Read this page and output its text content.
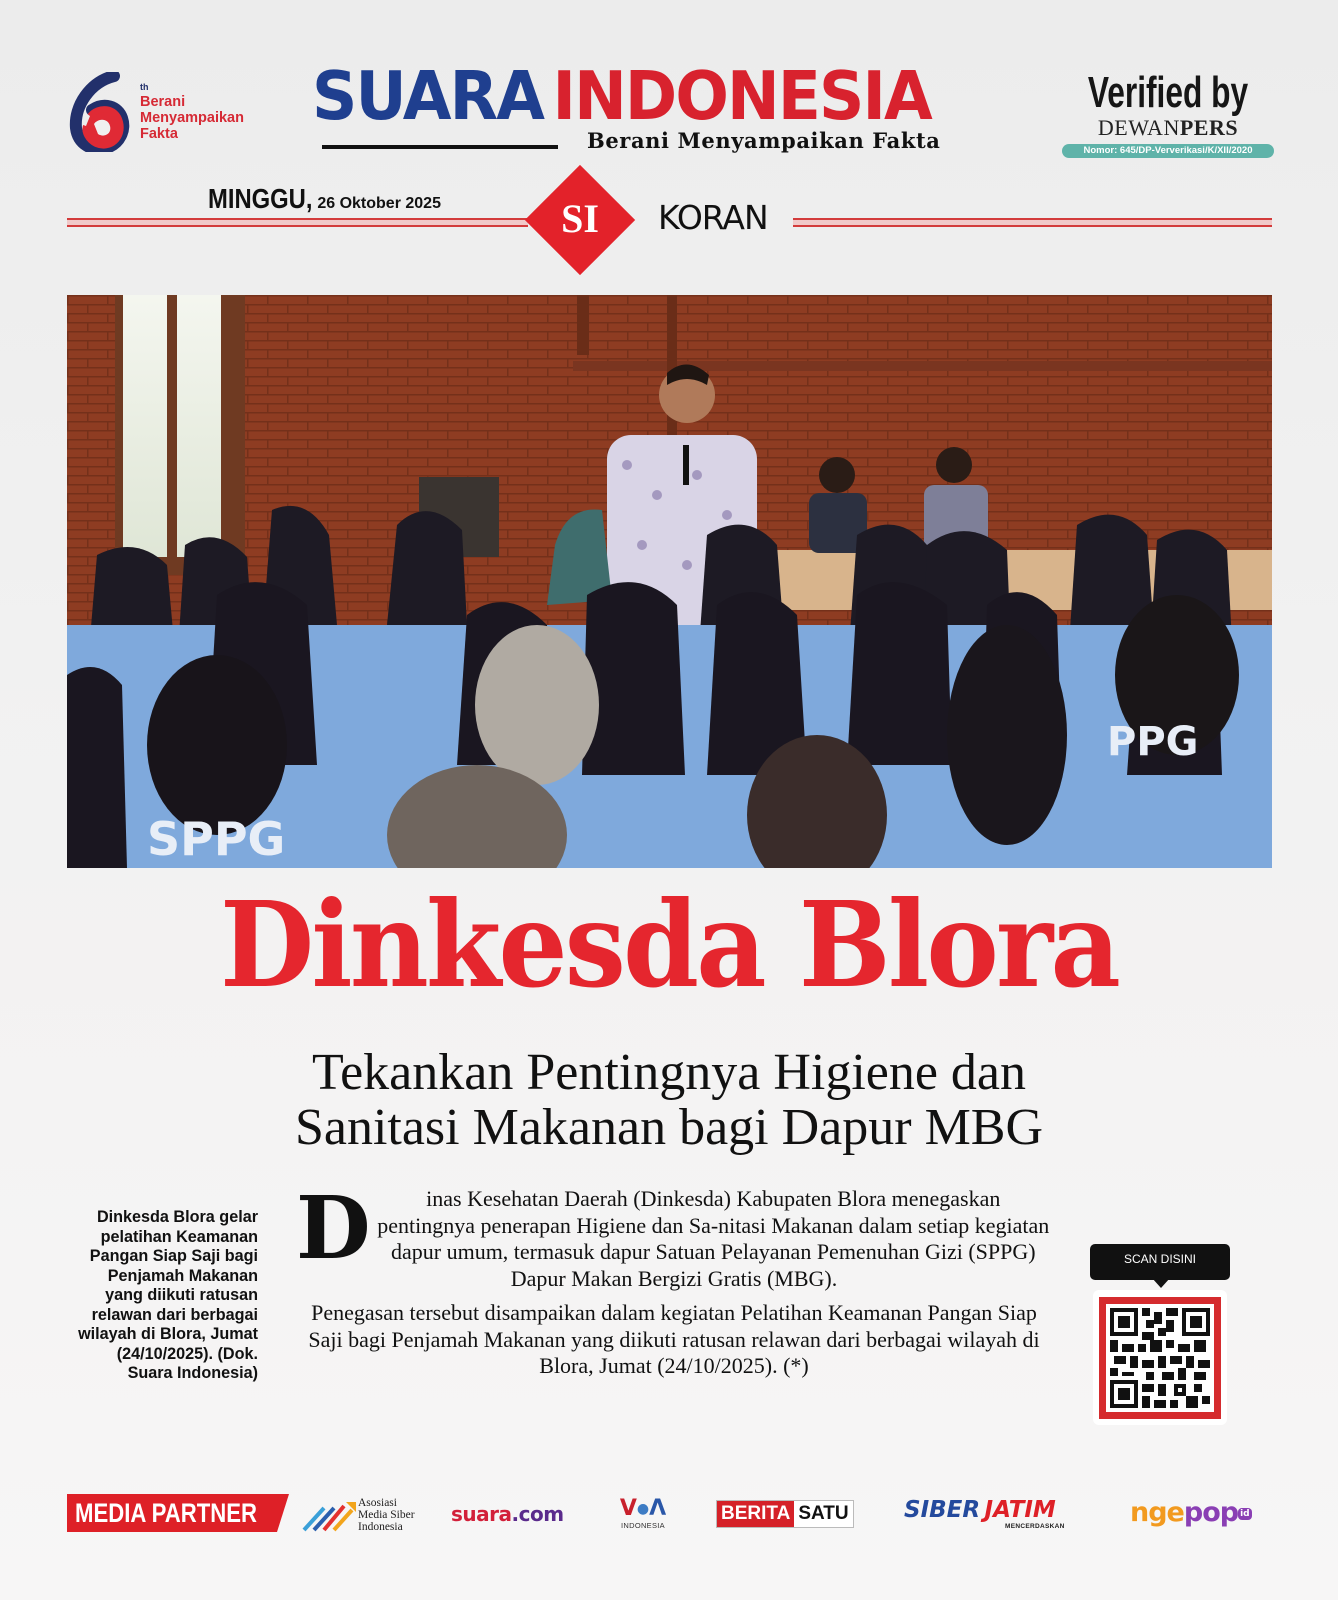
th
Berani
Menyampaikan
Fakta	SUARA INDONESIA
Berani Menyampaikan Fakta
Verified by
DEWANPERS
Nomor: 645/DP-Ververikasi/K/XII/2020
MINGGU, 26 Oktober 2025	SI	KORAN
SPPG
PPG
Dinkesda Blora
Tekankan Pentingnya Higiene dan
Sanitasi Makanan bagi Dapur MBG
Dinkesda Blora gelar pelatihan Keamanan Pangan Siap Saji bagi Penjamah Makanan yang diikuti ratusan relawan dari berbagai wilayah di Blora, Jumat (24/10/2025). (Dok. Suara Indonesia)
D	inas Kesehatan Daerah (Dinkesda) Kabupaten Blora menegaskan pentingnya penerapan Higiene dan Sa-nitasi Makanan dalam setiap kegiatan dapur umum, termasuk dapur Satuan Pelayanan Pemenuhan Gizi (SPPG) Dapur Makan Bergizi Gratis (MBG).

Penegasan tersebut disampaikan dalam kegiatan Pelatihan Keamanan Pangan Siap Saji bagi Penjamah Makanan yang diikuti ratusan relawan dari berbagai wilayah di Blora, Jumat (24/10/2025). (*)

SCAN DISINI
MEDIA PARTNER	Asosiasi
Media Siber
Indonesia
suara.com	V●Λ
INDONESIA
BERITA SATU SIBER JATIM
MENCERDASKAN ngepop id
